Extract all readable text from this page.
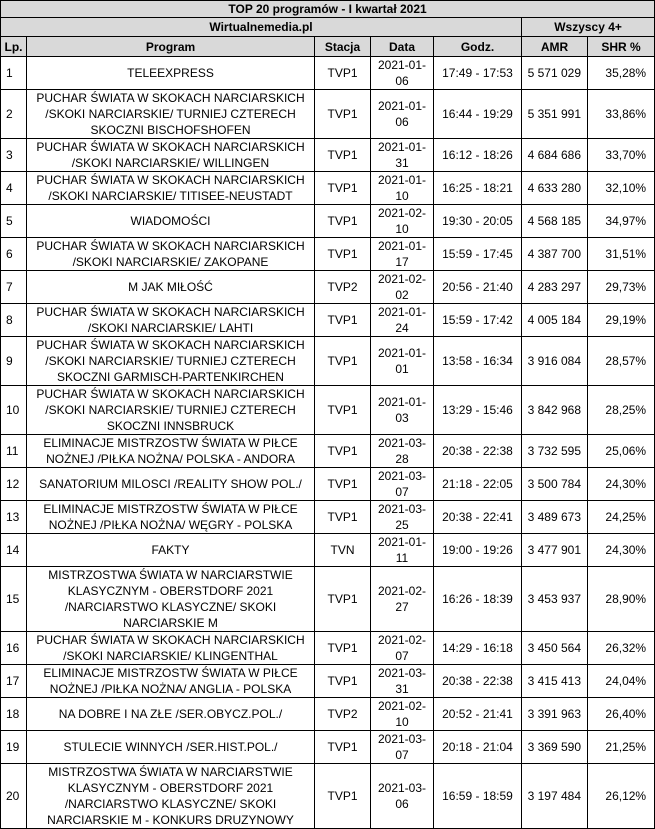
TOP 20 programów - I kwartał 2021						
Wirtualnemedia.pl					Wszyscy 4+	
Lp.	Program	Stacja	Data	Godz.	AMR	SHR %
1	TELEEXPRESS	TVP1	2021-01-06	17:49 - 17:53	5 571 029	35,28%
2	PUCHAR ŚWIATA W SKOKACH NARCIARSKICH /SKOKI NARCIARSKIE/ TURNIEJ CZTERECH SKOCZNI BISCHOFSHOFEN	TVP1	2021-01-06	16:44 - 19:29	5 351 991	33,86%
3	PUCHAR ŚWIATA W SKOKACH NARCIARSKICH /SKOKI NARCIARSKIE/ WILLINGEN	TVP1	2021-01-31	16:12 - 18:26	4 684 686	33,70%
4	PUCHAR ŚWIATA W SKOKACH NARCIARSKICH /SKOKI NARCIARSKIE/ TITISEE-NEUSTADT	TVP1	2021-01-10	16:25 - 18:21	4 633 280	32,10%
5	WIADOMOŚCI	TVP1	2021-02-10	19:30 - 20:05	4 568 185	34,97%
6	PUCHAR ŚWIATA W SKOKACH NARCIARSKICH /SKOKI NARCIARSKIE/ ZAKOPANE	TVP1	2021-01-17	15:59 - 17:45	4 387 700	31,51%
7	M JAK MIŁOŚĆ	TVP2	2021-02-02	20:56 - 21:40	4 283 297	29,73%
8	PUCHAR ŚWIATA W SKOKACH NARCIARSKICH /SKOKI NARCIARSKIE/ LAHTI	TVP1	2021-01-24	15:59 - 17:42	4 005 184	29,19%
9	PUCHAR ŚWIATA W SKOKACH NARCIARSKICH /SKOKI NARCIARSKIE/ TURNIEJ CZTERECH SKOCZNI GARMISCH-PARTENKIRCHEN	TVP1	2021-01-01	13:58 - 16:34	3 916 084	28,57%
10	PUCHAR ŚWIATA W SKOKACH NARCIARSKICH /SKOKI NARCIARSKIE/ TURNIEJ CZTERECH SKOCZNI INNSBRUCK	TVP1	2021-01-03	13:29 - 15:46	3 842 968	28,25%
11	ELIMINACJE MISTRZOSTW ŚWIATA W PIŁCE NOŻNEJ /PIŁKA NOŻNA/ POLSKA - ANDORA	TVP1	2021-03-28	20:38 - 22:38	3 732 595	25,06%
12	SANATORIUM MILOSCI /REALITY SHOW POL./	TVP1	2021-03-07	21:18 - 22:05	3 500 784	24,30%
13	ELIMINACJE MISTRZOSTW ŚWIATA W PIŁCE NOŻNEJ /PIŁKA NOŻNA/ WĘGRY - POLSKA	TVP1	2021-03-25	20:38 - 22:41	3 489 673	24,25%
14	FAKTY	TVN	2021-01-11	19:00 - 19:26	3 477 901	24,30%
15	MISTRZOSTWA ŚWIATA W NARCIARSTWIE KLASYCZNYM - OBERSTDORF 2021 /NARCIARSTWO KLASYCZNE/ SKOKI NARCIARSKIE M	TVP1	2021-02-27	16:26 - 18:39	3 453 937	28,90%
16	PUCHAR ŚWIATA W SKOKACH NARCIARSKICH /SKOKI NARCIARSKIE/ KLINGENTHAL	TVP1	2021-02-07	14:29 - 16:18	3 450 564	26,32%
17	ELIMINACJE MISTRZOSTW ŚWIATA W PIŁCE NOŻNEJ /PIŁKA NOŻNA/ ANGLIA - POLSKA	TVP1	2021-03-31	20:38 - 22:38	3 415 413	24,04%
18	NA DOBRE I NA ZŁE /SER.OBYCZ.POL./	TVP2	2021-02-10	20:52 - 21:41	3 391 963	26,40%
19	STULECIE WINNYCH /SER.HIST.POL./	TVP1	2021-03-07	20:18 - 21:04	3 369 590	21,25%
20	MISTRZOSTWA ŚWIATA W NARCIARSTWIE KLASYCZNYM - OBERSTDORF 2021 /NARCIARSTWO KLASYCZNE/ SKOKI NARCIARSKIE M - KONKURS DRUZYNOWY	TVP1	2021-03-06	16:59 - 18:59	3 197 484	26,12%
